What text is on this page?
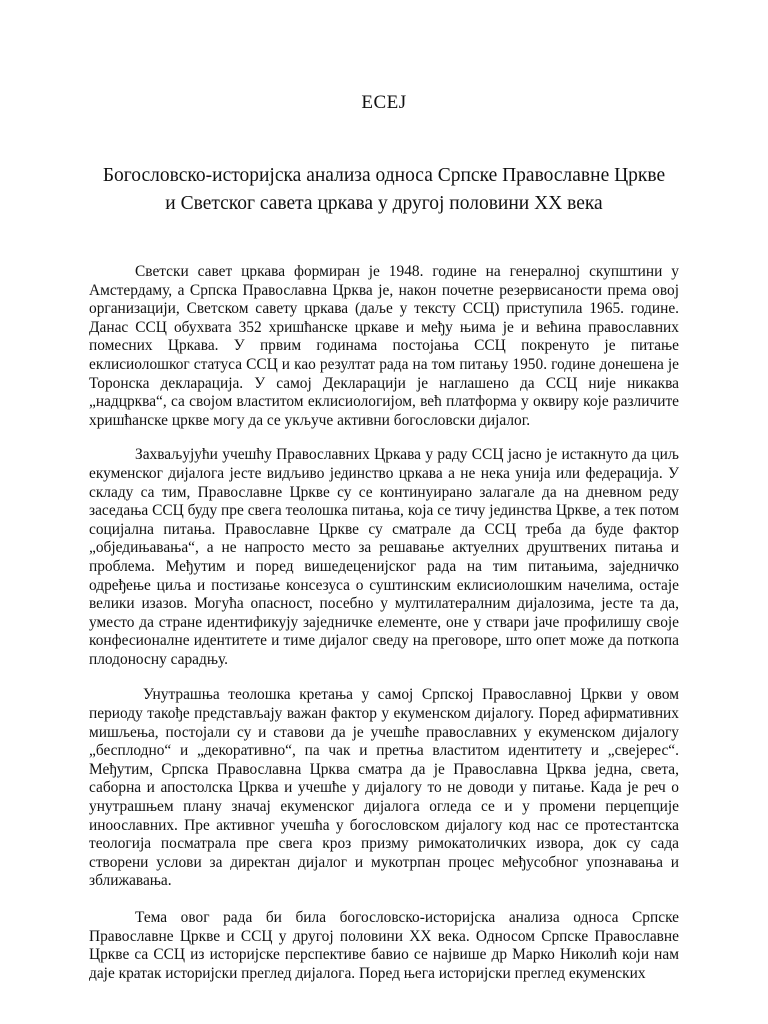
ЕСЕЈ
Богословско-историјска анализа односа Српске Православне Цркве
и Светског савета цркава у другој половини XX века

Светски савет цркава формиран је 1948. године на генералној скупштини у Амстердаму, а Српска Православна Црква је, након почетне резервисаности према овој организацији, Светском савету цркава (даље у тексту ССЦ) приступила 1965. године. Данас ССЦ обухвата 352 хришћанске цркаве и међу њима је и већина православних помесних Цркава. У првим годинама постојања ССЦ покренуто је питање еклисиолошког статуса ССЦ и као резултат рада на том питању 1950. године донешена је Торонска декларација. У самој Декларацији је наглашено да ССЦ није никаква „надцрква“, са својом властитом еклисиологијом, већ платформа у оквиру које различите хришћанске цркве могу да се укључе активни богословски дијалог.

Захваљујући учешћу Православних Цркава у раду ССЦ јасно је истакнуто да циљ екуменског дијалога јесте видљиво јединство цркава а не нека унија или федерација. У складу са тим, Православне Цркве су се континуирано залагале да на дневном реду заседања ССЦ буду пре свега теолошка питања, која се тичу јединства Цркве, а тек потом социјална питања. Православне Цркве су сматрале да ССЦ треба да буде фактор „обједињавања“, а не напросто место за решавање актуелних друштвених питања и проблема. Међутим и поред вишедеценијског рада на тим питањима, заједничко одређење циља и постизање консезуса о суштинским еклисиолошким начелима, остаје велики изазов. Могућа опасност, посебно у мултилатералним дијалозима, јесте та да, уместо да стране идентификују заједничке елементе, оне у ствари јаче профилишу своје конфесионалне идентитете и тиме дијалог сведу на преговоре, што опет може да поткопа плодоносну сарадњу.

Унутрашња теолошка кретања у самој Српској Православној Цркви у овом периоду такође представљају важан фактор у екуменском дијалогу. Поред афирмативних мишљења, постојали су и ставови да је учешће православних у екуменском дијалогу „бесплодно“ и „декоративно“, па чак и претња властитом идентитету и „свејерес“. Међутим, Српска Православна Црква сматра да је Православна Црква једна, света, саборна и апостолска Црква и учешће у дијалогу то не доводи у питање. Када је реч о унутрашњем плану значај екуменског дијалога огледа се и у промени перцепције иноославних. Пре активног учешћа у богословском дијалогу код нас се протестантска теологија посматрала пре свега кроз призму римокатоличких извора, док су сада створени услови за директан дијалог и мукотрпан процес међусобног упознавања и зближавања.

Тема овог рада би била богословско-историјска анализа односа Српске Православне Цркве и ССЦ у другој половини XX века. Односом Српске Православне Цркве са ССЦ из историјске перспективе бавио се највише др Марко Николић који нам даје кратак историјски преглед дијалога. Поред њега историјски преглед екуменских
